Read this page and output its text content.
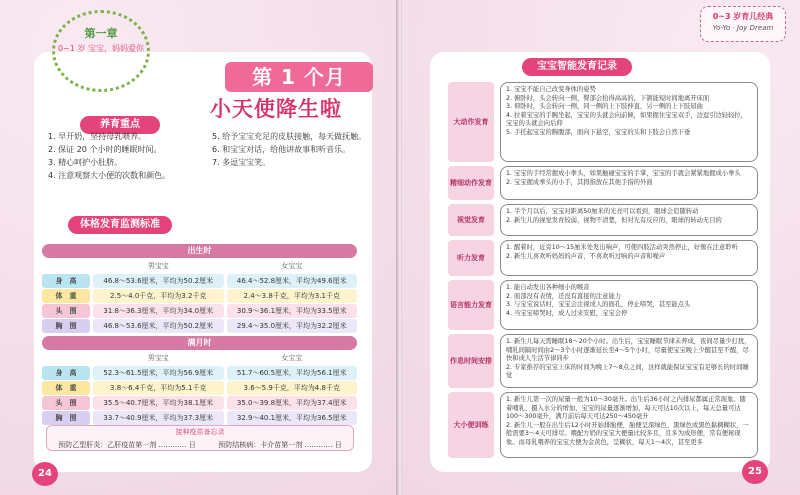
第一章
0~1 岁 宝宝，妈妈爱你
第 1 个月
小天使降生啦
养育重点
1. 早开奶，坚持母乳喂养。
2. 保证 20 个小时的睡眠时间。
3. 精心呵护小肚脐。
4. 注意观察大小便的次数和颜色。
5. 给予宝宝充足的皮肤接触，每天做抚触。
6. 和宝宝对话，给他讲故事和听音乐。
7. 多逗宝宝笑。
体格发育监测标准
出生时
男宝宝	女宝宝
身　高	46.8～53.6厘米，平均为50.2厘米	46.4～52.8厘米，平均为49.6厘米
体　重	2.5～4.0千克，平均为3.2千克	2.4～3.8千克，平均为3.1千克
头　围	31.8～36.3厘米，平均为34.0厘米	30.9～36.1厘米，平均为33.5厘米
胸　围	46.8～53.6厘米，平均为50.2厘米	29.4～35.0厘米，平均为32.2厘米
满月时
男宝宝	女宝宝
身　高	52.3～61.5厘米，平均为56.9厘米	51.7～60.5厘米，平均为56.1厘米
体　重	3.8～6.4千克，平均为5.1千克	3.6～5.9千克，平均为4.8千克
头　围	35.5～40.7厘米，平均为38.1厘米	35.0～39.8厘米，平均为37.4厘米
胸　围	33.7～40.9厘米，平均为37.3厘米	32.9～40.1厘米，平均为36.5厘米
接种疫苗备忘录
预防乙型肝炎：乙肝疫苗第一剂 ………… 日	预防结核病：卡介苗第一剂 ………… 日
24
0~3 岁育儿经典
Yo-Yo · Joy Dream
宝宝智能发育记录
大动作发育
1. 宝宝不能自己改变身体的姿势
2. 俯卧时，头会转向一侧，臀部会抬得高高的。下颌能短时间地离开床面
3. 仰卧时，头会转向一侧，同一侧的上下肢伸直，另一侧的上下肢屈曲
4. 拉着宝宝的手腕坐起，宝宝的头就会向前倾，如果握住宝宝双手，边逗引边轻轻拉，宝宝的头就会向后仰
5. 手托起宝宝的胸腹部，面向下悬空，宝宝的头和下肢会自然下垂
精细动作发育
1. 宝宝的手经常握成小拳头，如果触碰宝宝的手掌，宝宝的手就会紧紧地握成小拳头
2. 宝宝握成拳头的小手，其拇指放在其他手指的外面
视觉发育
1. 半个月以后，宝宝对距离50厘米的光亮可以看到，眼球会追随转动
2. 新生儿的视觉发育较弱，视物不清楚，但对光有反应的，眼球的转动无目的
听力发育
1. 醒着时，近旁10～15厘米处发出响声，可使四肢活动突然停止，好像在注意聆听
2. 新生儿喜欢听妈妈的声音，不喜欢听过响的声音和噪声
语言能力发育
1. 能自动发出各种细小的喉音
2. 面部没有表情，还没有直接的注意能力
3. 与宝宝说话时，宝宝会注视成人的面孔，停止啼哭，甚至能点头
4. 当宝宝啼哭时，成人过来安慰，宝宝会停
作息时间安排
1. 新生儿每天需睡眠18～20个小时。出生后，宝宝睡眠节律未养成，夜间尽量少打扰，哺乳间隔时间由2～3个小时逐渐延长至4～5个小时，尽量使宝宝晚上少醒甚至不醒，尽快和成人生活节律同步
2. 专家推荐的宝宝上床的时间为晚上7～8点之间，这样就能保证宝宝有足够长的时间睡觉
大小便训练
1. 新生儿第一次的尿量一般为10～30毫升。出生后36小时之内排尿都属正常现象。随着哺乳、摄入水分的增加，宝宝的尿量逐渐增加，每天可达10次以上，每天总量可达100～300毫升，满月前后每天可达250～450毫升
2. 新生儿一般在出生后12小时开始排胎便，胎便呈深绿色、黑绿色或黑色黏稠糊状，一般需要3～4天可排尽。喂配方奶的宝宝大便量比较多且，且多为成形便，常有便秘现象。而母乳喂养的宝宝大便为金黄色，呈糊状，每天1～4次，甚至更多
25
